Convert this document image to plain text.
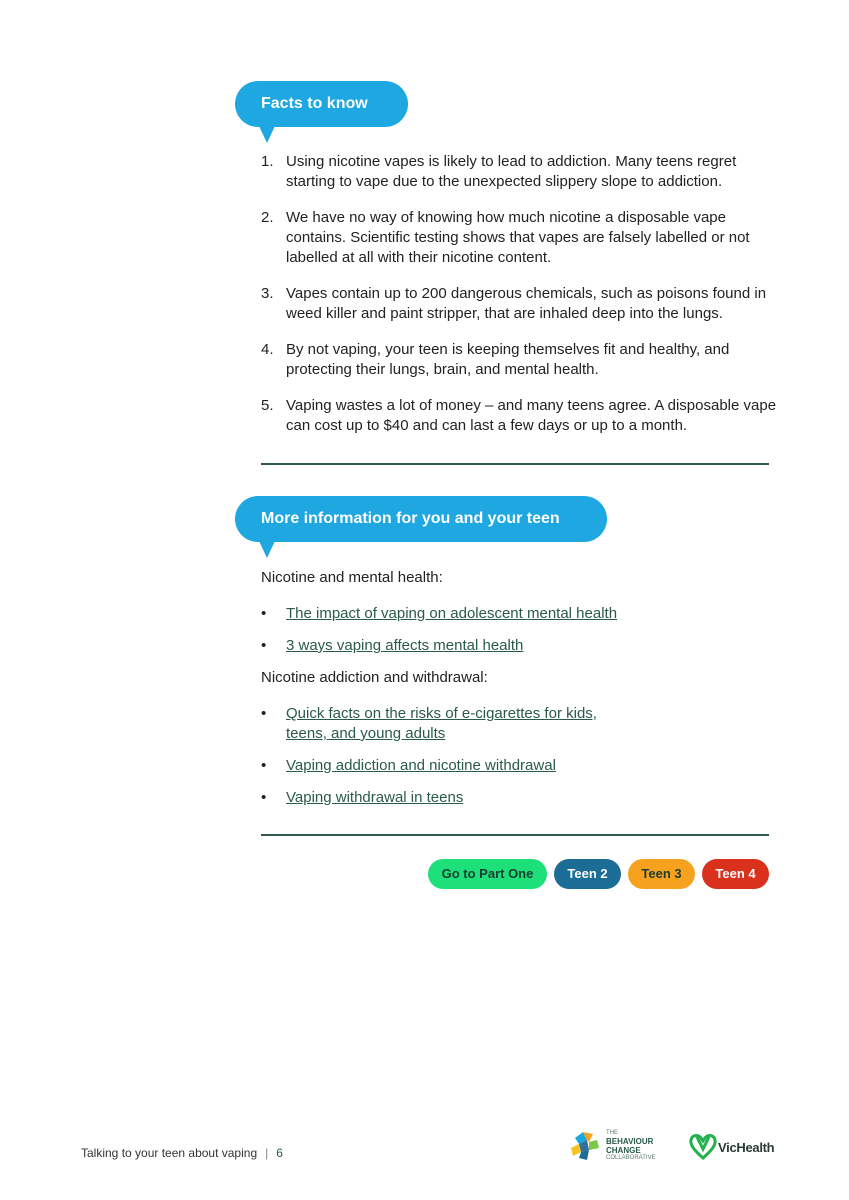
Facts to know
1. Using nicotine vapes is likely to lead to addiction. Many teens regret starting to vape due to the unexpected slippery slope to addiction.
2. We have no way of knowing how much nicotine a disposable vape contains. Scientific testing shows that vapes are falsely labelled or not labelled at all with their nicotine content.
3. Vapes contain up to 200 dangerous chemicals, such as poisons found in weed killer and paint stripper, that are inhaled deep into the lungs.
4. By not vaping, your teen is keeping themselves fit and healthy, and protecting their lungs, brain, and mental health.
5. Vaping wastes a lot of money – and many teens agree. A disposable vape can cost up to $40 and can last a few days or up to a month.
More information for you and your teen
Nicotine and mental health:
• The impact of vaping on adolescent mental health
• 3 ways vaping affects mental health
Nicotine addiction and withdrawal:
• Quick facts on the risks of e-cigarettes for kids, teens, and young adults
• Vaping addiction and nicotine withdrawal
• Vaping withdrawal in teens
Go to Part One	Teen 2	Teen 3	Teen 4
Talking to your teen about vaping | 6
THE
BEHAVIOUR
CHANGE
COLLABORATIVE
VicHealth
